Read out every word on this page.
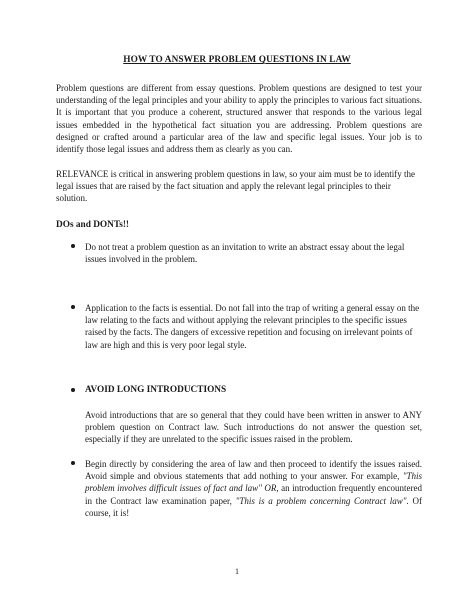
HOW TO ANSWER PROBLEM QUESTIONS IN LAW

Problem questions are different from essay questions. Problem questions are designed to test your understanding of the legal principles and your ability to apply the principles to various fact situations. It is important that you produce a coherent, structured answer that responds to the various legal issues embedded in the hypothetical fact situation you are addressing. Problem questions are designed or crafted around a particular area of the law and specific legal issues. Your job is to identify those legal issues and address them as clearly as you can.

RELEVANCE is critical in answering problem questions in law, so your aim must be to identify the legal issues that are raised by the fact situation and apply the relevant legal principles to their solution.

DOs and DONTs!!

Do not treat a problem question as an invitation to write an abstract essay about the legal issues involved in the problem.
Application to the facts is essential. Do not fall into the trap of writing a general essay on the law relating to the facts and without applying the relevant principles to the specific issues raised by the facts. The dangers of excessive repetition and focusing on irrelevant points of law are high and this is very poor legal style.
AVOID LONG INTRODUCTIONS

Avoid introductions that are so general that they could have been written in answer to ANY problem question on Contract law. Such introductions do not answer the question set, especially if they are unrelated to the specific issues raised in the problem.

Begin directly by considering the area of law and then proceed to identify the issues raised. Avoid simple and obvious statements that add nothing to your answer. For example, "This problem involves difficult issues of fact and law" OR, an introduction frequently encountered in the Contract law examination paper, "This is a problem concerning Contract law". Of course, it is!
1
